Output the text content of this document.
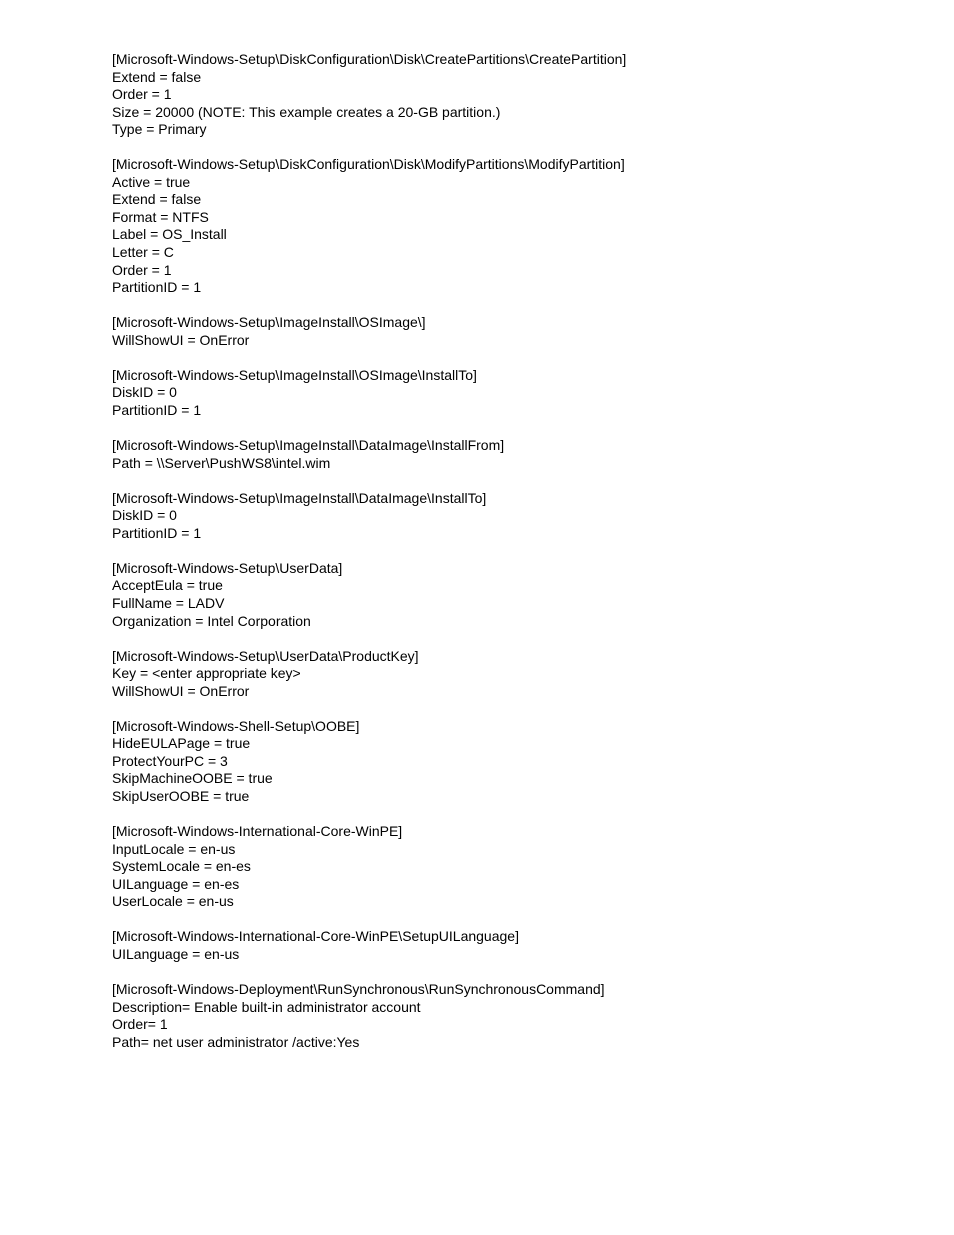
[Microsoft-Windows-Setup\DiskConfiguration\Disk\CreatePartitions\CreatePartition]
Extend = false
Order = 1
Size = 20000 (NOTE: This example creates a 20-GB partition.)
Type = Primary
[Microsoft-Windows-Setup\DiskConfiguration\Disk\ModifyPartitions\ModifyPartition]
Active = true
Extend = false
Format = NTFS
Label = OS_Install
Letter = C
Order = 1
PartitionID = 1
[Microsoft-Windows-Setup\ImageInstall\OSImage\]
WillShowUI = OnError
[Microsoft-Windows-Setup\ImageInstall\OSImage\InstallTo]
DiskID = 0
PartitionID = 1
[Microsoft-Windows-Setup\ImageInstall\DataImage\InstallFrom]
Path = \\Server\PushWS8\intel.wim
[Microsoft-Windows-Setup\ImageInstall\DataImage\InstallTo]
DiskID = 0
PartitionID = 1
[Microsoft-Windows-Setup\UserData]
AcceptEula = true
FullName = LADV
Organization = Intel Corporation
[Microsoft-Windows-Setup\UserData\ProductKey]
Key = <enter appropriate key>
WillShowUI = OnError
[Microsoft-Windows-Shell-Setup\OOBE]
HideEULAPage = true
ProtectYourPC = 3
SkipMachineOOBE = true
SkipUserOOBE = true
[Microsoft-Windows-International-Core-WinPE]
InputLocale = en-us
SystemLocale = en-es
UILanguage = en-es
UserLocale = en-us
[Microsoft-Windows-International-Core-WinPE\SetupUILanguage]
UILanguage = en-us
[Microsoft-Windows-Deployment\RunSynchronous\RunSynchronousCommand]
Description= Enable built-in administrator account
Order= 1
Path= net user administrator /active:Yes
